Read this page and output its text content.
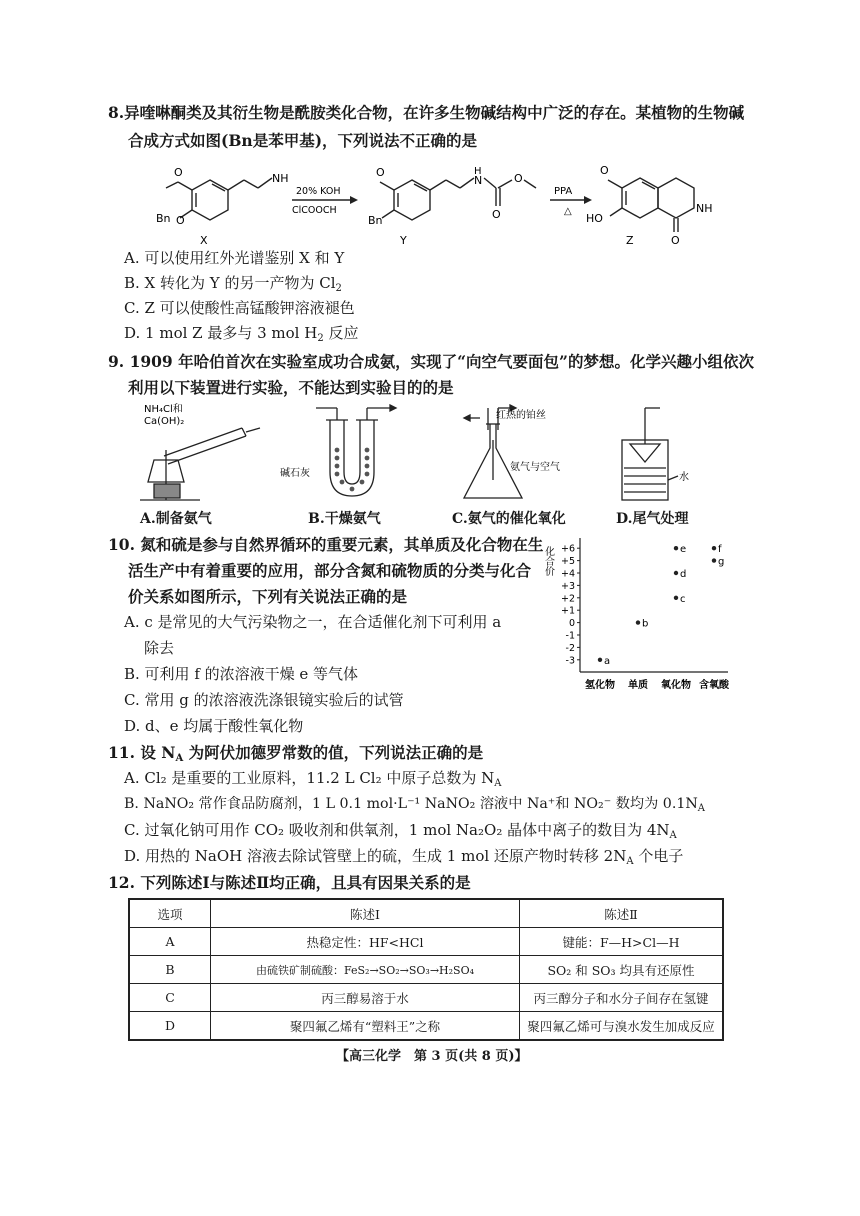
8.异喹啉酮类及其衍生物是酰胺类化合物，在许多生物碱结构中广泛的存在。某植物的生物碱
合成方式如图(Bn是苯甲基)，下列说法不正确的是
O
Bn O
NH
X
20% KOH
ClCOOCH
O
Bn
H
N
O
O
Y
PPA
△
O
HO
NH
O
Z
A. 可以使用红外光谱鉴别 X 和 Y
B. X 转化为 Y 的另一产物为 $Cl_2$
C. Z 可以使酸性高锰酸钾溶液褪色
D. 1 mol Z 最多与 3 mol $H_2$ 反应
9. 1909 年哈伯首次在实验室成功合成氨，实现了“向空气要面包”的梦想。化学兴趣小组依次
利用以下装置进行实验，不能达到实验目的的是
NH₄Cl和
Ca(OH)₂
碱石灰
红热的铂丝
氨气与空气
水
A.制备氨气	B.干燥氨气	C.氨气的催化氧化	D.尾气处理
10. 氮和硫是参与自然界循环的重要元素，其单质及化合物在生
活生产中有着重要的应用，部分含氮和硫物质的分类与化合
价关系如图所示，下列有关说法正确的是
A. c 是常见的大气污染物之一，在合适催化剂下可利用 a
除去
B. 可利用 f 的浓溶液干燥 e 等气体
C. 常用 g 的浓溶液洗涤银镜实验后的试管
D. d、e 均属于酸性氧化物
化合价
-3
-2
-1
0
+1
+2
+3
+4
+5
+6
氢化物 单质 氧化物 含氧酸
a
b
c
d
e	f
g
11. 设 $N_A$ 为阿伏加德罗常数的值，下列说法正确的是
A. Cl₂ 是重要的工业原料，11.2 L Cl₂ 中原子总数为 $N_A$
B. NaNO₂ 常作食品防腐剂，1 L 0.1 mol·L⁻¹ NaNO₂ 溶液中 Na⁺和 NO₂⁻ 数均为 $0.1N_A$
C. 过氧化钠可用作 CO₂ 吸收剂和供氧剂，1 mol Na₂O₂ 晶体中离子的数目为 $4N_A$
D. 用热的 NaOH 溶液去除试管壁上的硫，生成 1 mol 还原产物时转移 $2N_A$ 个电子
12. 下列陈述Ⅰ与陈述Ⅱ均正确，且具有因果关系的是
选项	陈述Ⅰ	陈述Ⅱ
A	热稳定性：HF<HCl	键能：F—H>Cl—H
B	由硫铁矿制硫酸：FeS₂→SO₂→SO₃→H₂SO₄	SO₂ 和 SO₃ 均具有还原性
C	丙三醇易溶于水	丙三醇分子和水分子间存在氢键
D	聚四氟乙烯有“塑料王”之称	聚四氟乙烯可与溴水发生加成反应
【高三化学　第 3 页(共 8 页)】
